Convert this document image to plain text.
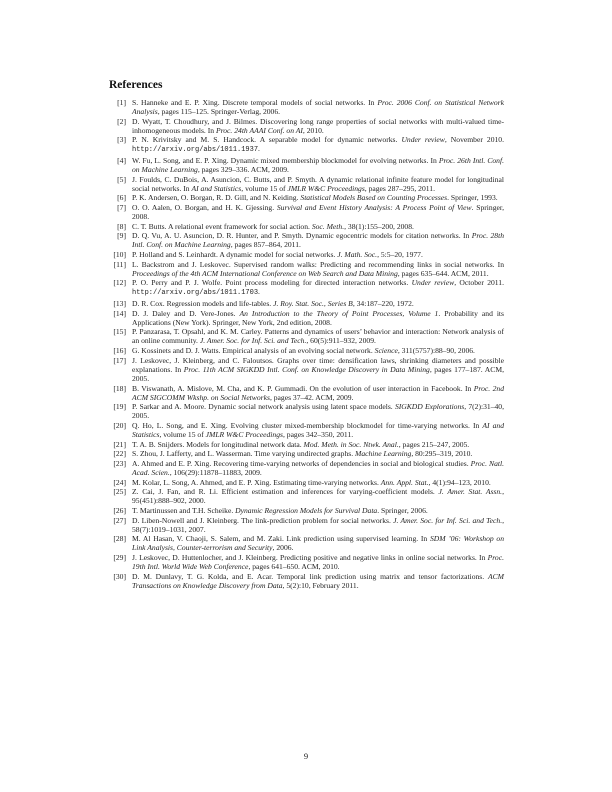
References
[1] S. Hanneke and E. P. Xing. Discrete temporal models of social networks. In Proc. 2006 Conf. on Statistical Network Analysis, pages 115–125. Springer-Verlag, 2006.
[2] D. Wyatt, T. Choudhury, and J. Bilmes. Discovering long range properties of social networks with multi-valued time-inhomogeneous models. In Proc. 24th AAAI Conf. on AI, 2010.
[3] P. N. Krivitsky and M. S. Handcock. A separable model for dynamic networks. Under review, November 2010. http://arxiv.org/abs/1011.1937.
[4] W. Fu, L. Song, and E. P. Xing. Dynamic mixed membership blockmodel for evolving networks. In Proc. 26th Intl. Conf. on Machine Learning, pages 329–336. ACM, 2009.
[5] J. Foulds, C. DuBois, A. Asuncion, C. Butts, and P. Smyth. A dynamic relational infinite feature model for longitudinal social networks. In AI and Statistics, volume 15 of JMLR W&C Proceedings, pages 287–295, 2011.
[6] P. K. Andersen, O. Borgan, R. D. Gill, and N. Keiding. Statistical Models Based on Counting Processes. Springer, 1993.
[7] O. O. Aalen, O. Borgan, and H. K. Gjessing. Survival and Event History Analysis: A Process Point of View. Springer, 2008.
[8] C. T. Butts. A relational event framework for social action. Soc. Meth., 38(1):155–200, 2008.
[9] D. Q. Vu, A. U. Asuncion, D. R. Hunter, and P. Smyth. Dynamic egocentric models for citation networks. In Proc. 28th Intl. Conf. on Machine Learning, pages 857–864, 2011.
[10] P. Holland and S. Leinhardt. A dynamic model for social networks. J. Math. Soc., 5:5–20, 1977.
[11] L. Backstrom and J. Leskovec. Supervised random walks: Predicting and recommending links in social networks. In Proceedings of the 4th ACM International Conference on Web Search and Data Mining, pages 635–644. ACM, 2011.
[12] P. O. Perry and P. J. Wolfe. Point process modeling for directed interaction networks. Under review, October 2011. http://arxiv.org/abs/1011.1703.
[13] D. R. Cox. Regression models and life-tables. J. Roy. Stat. Soc., Series B, 34:187–220, 1972.
[14] D. J. Daley and D. Vere-Jones. An Introduction to the Theory of Point Processes, Volume 1. Probability and its Applications (New York). Springer, New York, 2nd edition, 2008.
[15] P. Panzarasa, T. Opsahl, and K. M. Carley. Patterns and dynamics of users’ behavior and interaction: Network analysis of an online community. J. Amer. Soc. for Inf. Sci. and Tech., 60(5):911–932, 2009.
[16] G. Kossinets and D. J. Watts. Empirical analysis of an evolving social network. Science, 311(5757):88–90, 2006.
[17] J. Leskovec, J. Kleinberg, and C. Faloutsos. Graphs over time: densification laws, shrinking diameters and possible explanations. In Proc. 11th ACM SIGKDD Intl. Conf. on Knowledge Discovery in Data Mining, pages 177–187. ACM, 2005.
[18] B. Viswanath, A. Mislove, M. Cha, and K. P. Gummadi. On the evolution of user interaction in Facebook. In Proc. 2nd ACM SIGCOMM Wkshp. on Social Networks, pages 37–42. ACM, 2009.
[19] P. Sarkar and A. Moore. Dynamic social network analysis using latent space models. SIGKDD Explorations, 7(2):31–40, 2005.
[20] Q. Ho, L. Song, and E. Xing. Evolving cluster mixed-membership blockmodel for time-varying networks. In AI and Statistics, volume 15 of JMLR W&C Proceedings, pages 342–350, 2011.
[21] T. A. B. Snijders. Models for longitudinal network data. Mod. Meth. in Soc. Ntwk. Anal., pages 215–247, 2005.
[22] S. Zhou, J. Lafferty, and L. Wasserman. Time varying undirected graphs. Machine Learning, 80:295–319, 2010.
[23] A. Ahmed and E. P. Xing. Recovering time-varying networks of dependencies in social and biological studies. Proc. Natl. Acad. Scien., 106(29):11878–11883, 2009.
[24] M. Kolar, L. Song, A. Ahmed, and E. P. Xing. Estimating time-varying networks. Ann. Appl. Stat., 4(1):94–123, 2010.
[25] Z. Cai, J. Fan, and R. Li. Efficient estimation and inferences for varying-coefficient models. J. Amer. Stat. Assn., 95(451):888–902, 2000.
[26] T. Martinussen and T.H. Scheike. Dynamic Regression Models for Survival Data. Springer, 2006.
[27] D. Liben-Nowell and J. Kleinberg. The link-prediction problem for social networks. J. Amer. Soc. for Inf. Sci. and Tech., 58(7):1019–1031, 2007.
[28] M. Al Hasan, V. Chaoji, S. Salem, and M. Zaki. Link prediction using supervised learning. In SDM ’06: Workshop on Link Analysis, Counter-terrorism and Security, 2006.
[29] J. Leskovec, D. Huttenlocher, and J. Kleinberg. Predicting positive and negative links in online social networks. In Proc. 19th Intl. World Wide Web Conference, pages 641–650. ACM, 2010.
[30] D. M. Dunlavy, T. G. Kolda, and E. Acar. Temporal link prediction using matrix and tensor factorizations. ACM Transactions on Knowledge Discovery from Data, 5(2):10, February 2011.
9
